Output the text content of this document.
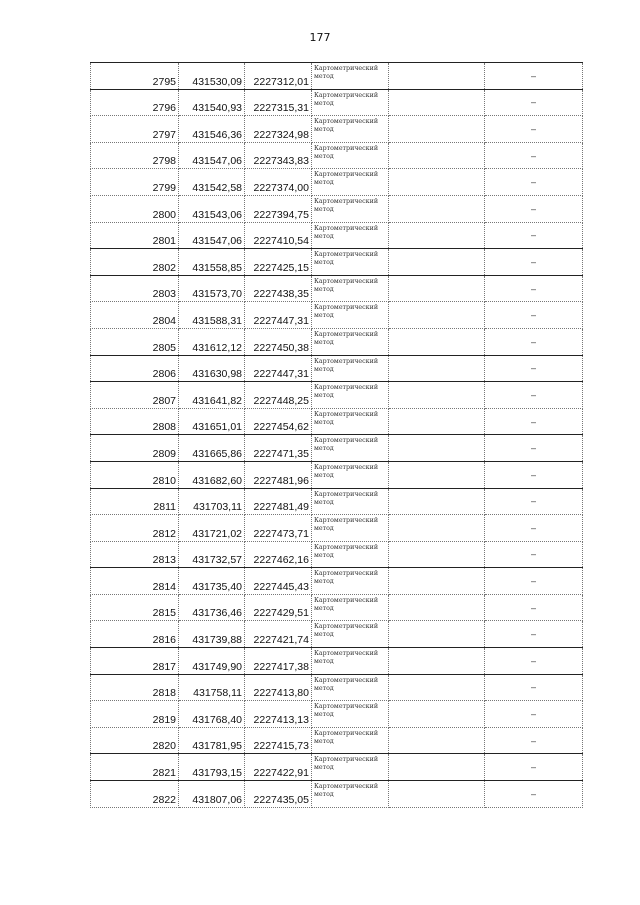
177
2795	431530,09	2227312,01	Картометрический метод		–
2796	431540,93	2227315,31	Картометрический метод		–
2797	431546,36	2227324,98	Картометрический метод		–
2798	431547,06	2227343,83	Картометрический метод		–
2799	431542,58	2227374,00	Картометрический метод		–
2800	431543,06	2227394,75	Картометрический метод		–
2801	431547,06	2227410,54	Картометрический метод		–
2802	431558,85	2227425,15	Картометрический метод		–
2803	431573,70	2227438,35	Картометрический метод		–
2804	431588,31	2227447,31	Картометрический метод		–
2805	431612,12	2227450,38	Картометрический метод		–
2806	431630,98	2227447,31	Картометрический метод		–
2807	431641,82	2227448,25	Картометрический метод		–
2808	431651,01	2227454,62	Картометрический метод		–
2809	431665,86	2227471,35	Картометрический метод		–
2810	431682,60	2227481,96	Картометрический метод		–
2811	431703,11	2227481,49	Картометрический метод		–
2812	431721,02	2227473,71	Картометрический метод		–
2813	431732,57	2227462,16	Картометрический метод		–
2814	431735,40	2227445,43	Картометрический метод		–
2815	431736,46	2227429,51	Картометрический метод		–
2816	431739,88	2227421,74	Картометрический метод		–
2817	431749,90	2227417,38	Картометрический метод		–
2818	431758,11	2227413,80	Картометрический метод		–
2819	431768,40	2227413,13	Картометрический метод		–
2820	431781,95	2227415,73	Картометрический метод		–
2821	431793,15	2227422,91	Картометрический метод		–
2822	431807,06	2227435,05	Картометрический метод		–
